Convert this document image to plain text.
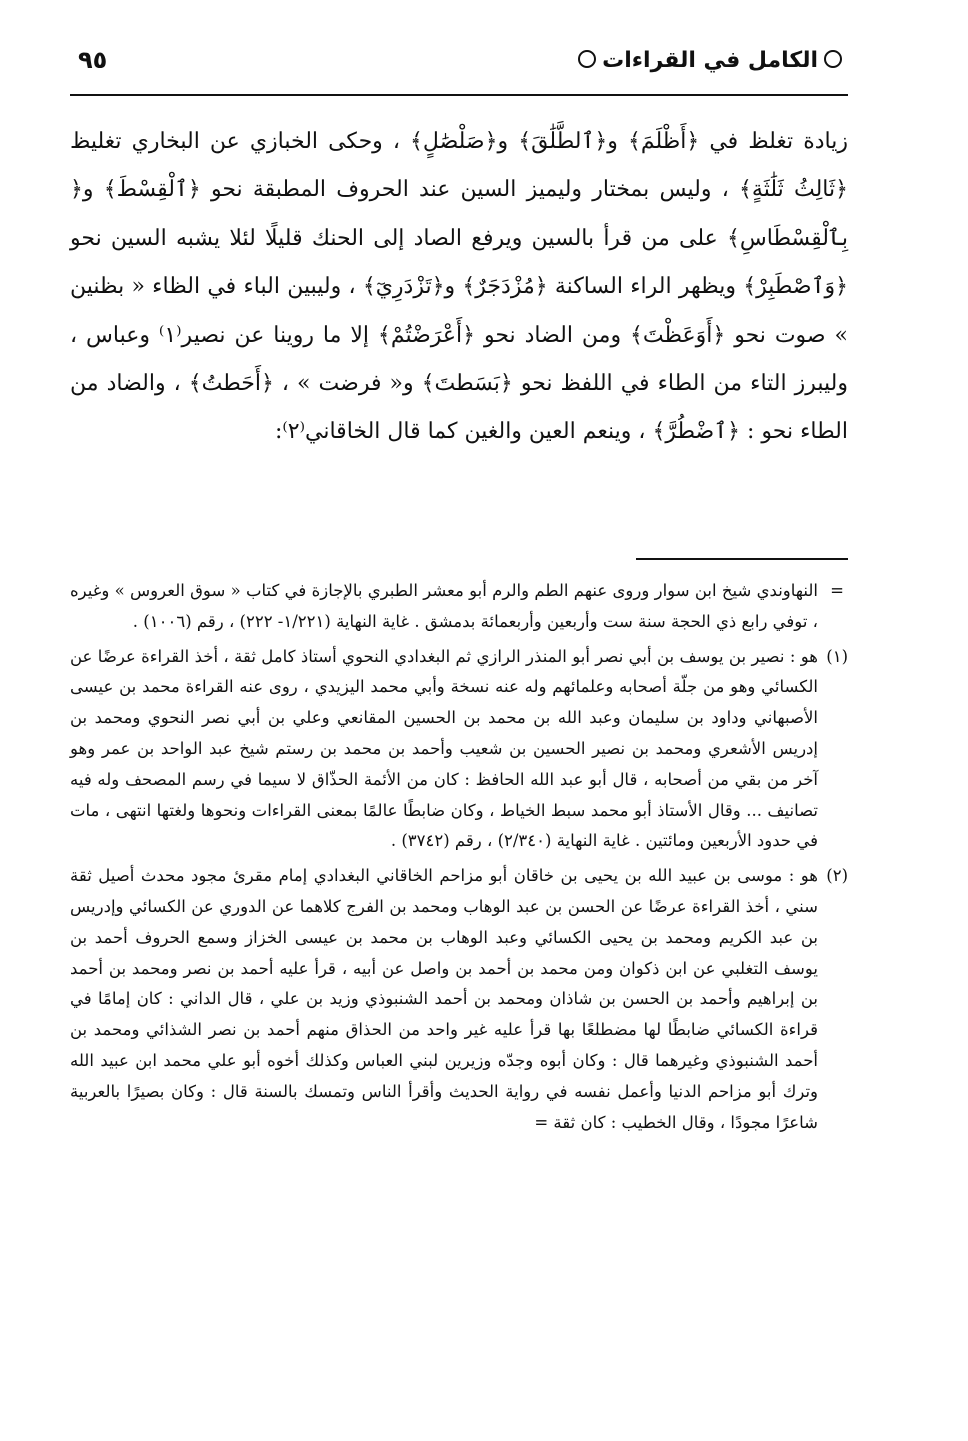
الكامل في القراءات
٩٥
زيادة تغلظ في ﴿أَظْلَمَ﴾ و﴿ٱلطَّلَٰقَ﴾ و﴿صَلْصَٰلٍ﴾ ، وحكى الخبازي عن البخاري تغليظ ﴿ثَالِثُ ثَلَٰثَةٍ﴾ ، وليس بمختار وليميز السين عند الحروف المطبقة نحو ﴿ٱلْقِسْطَ﴾ و﴿ بِٱلْقِسْطَاسِ﴾ على من قرأ بالسين ويرفع الصاد إلى الحنك قليلًا لئلا يشبه السين نحو ﴿وَٱصْطَبِرْ﴾ ويظهر الراء الساكنة ﴿مُزْدَجَرٌ﴾ و﴿تَزْدَرِيٓ﴾ ، وليبين الباء في الظاء « بظنين » صوت نحو ﴿أَوَعَظْتَ﴾ ومن الضاد نحو ﴿أَعْرَضْتُمْ﴾ إلا ما روينا عن نصير⁽١⁾ وعباس ، وليبرز التاء من الطاء في اللفظ نحو ﴿بَسَطتَ﴾ و« فرضت » ، ﴿أَحَطتُ﴾ ، والضاد من الطاء نحو : ﴿ٱضْطُرَّ﴾ ، وينعم العين والغين كما قال الخاقاني⁽٢⁾:
=
النهاوندي شيخ ابن سوار وروى عنهم الطم والرم أبو معشر الطبري بالإجازة في كتاب « سوق العروس » وغيره ، توفي رابع ذي الحجة سنة ست وأربعين وأربعمائة بدمشق . غاية النهاية (١/٢٢١- ٢٢٢) ، رقم (١٠٠٦) .
(١)
هو : نصير بن يوسف بن أبي نصر أبو المنذر الرازي ثم البغدادي النحوي أستاذ كامل ثقة ، أخذ القراءة عرضًا عن الكسائي وهو من جلّة أصحابه وعلمائهم وله عنه نسخة وأبي محمد اليزيدي ، روى عنه القراءة محمد بن عيسى الأصبهاني وداود بن سليمان وعبد الله بن محمد بن الحسين المقانعي وعلي بن أبي نصر النحوي ومحمد بن إدريس الأشعري ومحمد بن نصير الحسين بن شعيب وأحمد بن محمد بن رستم شيخ عبد الواحد بن عمر وهو آخر من بقي من أصحابه ، قال أبو عبد الله الحافظ : كان من الأئمة الحذّاق لا سيما في رسم المصحف وله فيه تصانيف ... وقال الأستاذ أبو محمد سبط الخياط ، وكان ضابطًا عالمًا بمعنى القراءات ونحوها ولغتها انتهى ، مات في حدود الأربعين ومائتين . غاية النهاية (٢/٣٤٠) ، رقم (٣٧٤٢) .
(٢)
هو : موسى بن عبيد الله بن يحيى بن خاقان أبو مزاحم الخاقاني البغدادي إمام مقرئ مجود محدث أصيل ثقة سني ، أخذ القراءة عرضًا عن الحسن بن عبد الوهاب ومحمد بن الفرج كلاهما عن الدوري عن الكسائي وإدريس بن عبد الكريم ومحمد بن يحيى الكسائي وعبد الوهاب بن محمد بن عيسى الخزاز وسمع الحروف أحمد بن يوسف التغلبي عن ابن ذكوان ومن محمد بن أحمد بن واصل عن أبيه ، قرأ عليه أحمد بن نصر ومحمد بن أحمد بن إبراهيم وأحمد بن الحسن بن شاذان ومحمد بن أحمد الشنبوذي وزيد بن علي ، قال الداني : كان إمامًا في قراءة الكسائي ضابطًا لها مضطلعًا بها قرأ عليه غير واحد من الحذاق منهم أحمد بن نصر الشذائي ومحمد بن أحمد الشنبوذي وغيرهما قال : وكان أبوه وجدّه وزيرين لبني العباس وكذلك أخوه أبو علي محمد ابن عبيد الله وترك أبو مزاحم الدنيا وأعمل نفسه في رواية الحديث وأقرأ الناس وتمسك بالسنة قال : وكان بصيرًا بالعربية شاعرًا مجودًا ، وقال الخطيب : كان ثقة =
